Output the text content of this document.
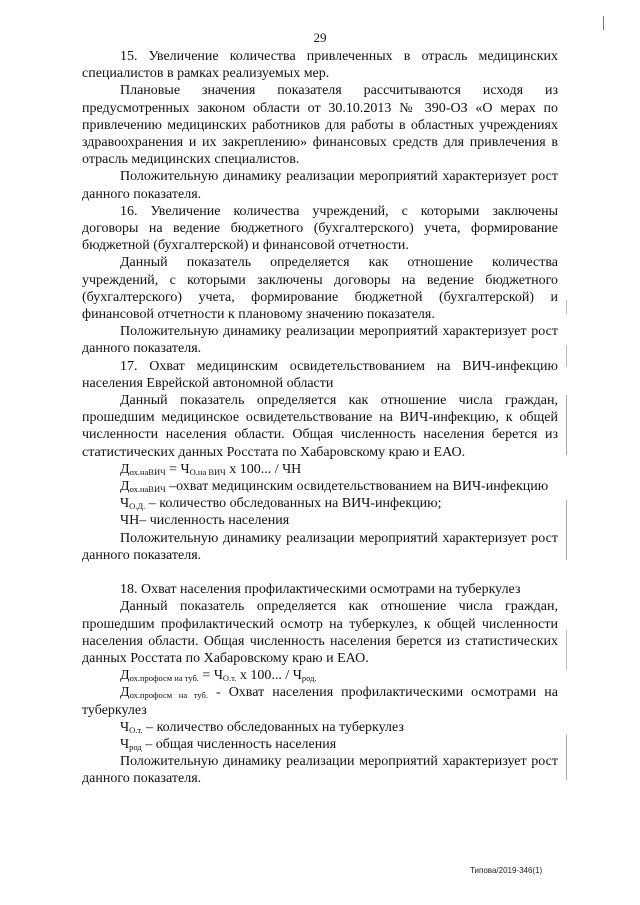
29

15. Увеличение количества привлеченных в отрасль медицинских специалистов в рамках реализуемых мер.

Плановые значения показателя рассчитываются исходя из предусмотренных законом области от 30.10.2013 № 390-ОЗ «О мерах по привлечению медицинских работников для работы в областных учреждениях здравоохранения и их закреплению» финансовых средств для привлечения в отрасль медицинских специалистов.

Положительную динамику реализации мероприятий характеризует рост данного показателя.

16. Увеличение количества учреждений, с которыми заключены договоры на ведение бюджетного (бухгалтерского) учета, формирование бюджетной (бухгалтерской) и финансовой отчетности.

Данный показатель определяется как отношение количества учреждений, с которыми заключены договоры на ведение бюджетного (бухгалтерского) учета, формирование бюджетной (бухгалтерской) и финансовой отчетности к плановому значению показателя.

Положительную динамику реализации мероприятий характеризует рост данного показателя.

17. Охват медицинским освидетельствованием на ВИЧ-инфекцию населения Еврейской автономной области

Данный показатель определяется как отношение числа граждан, прошедшим медицинское освидетельствование на ВИЧ-инфекцию, к общей численности населения области. Общая численность населения берется из статистических данных Росстата по Хабаровскому краю и ЕАО.

$Д_{ох.наВИЧ} = Ч_{О.на ВИЧ}$ х 100... / ЧН

$Д_{ох.наВИЧ}$ –охват медицинским освидетельствованием на ВИЧ-инфекцию

$Ч_{О.Д.}$ – количество обследованных на ВИЧ-инфекцию;

ЧН– численность населения

Положительную динамику реализации мероприятий характеризует рост данного показателя.

18. Охват населения профилактическими осмотрами на туберкулез

Данный показатель определяется как отношение числа граждан, прошедшим профилактический осмотр на туберкулез, к общей численности населения области. Общая численность населения берется из статистических данных Росстата по Хабаровскому краю и ЕАО.

$Д_{ох.профосм на туб.} = Ч_{О.т.}$ х 100... / $Ч_{род.}$

$Д_{ох.профосм на туб.}$ - Охват населения профилактическими осмотрами на туберкулез

$Ч_{О.т.}$ – количество обследованных на туберкулез

$Ч_{род}$ – общая численность населения

Положительную динамику реализации мероприятий характеризует рост данного показателя.

Типова/2019-346(1)
